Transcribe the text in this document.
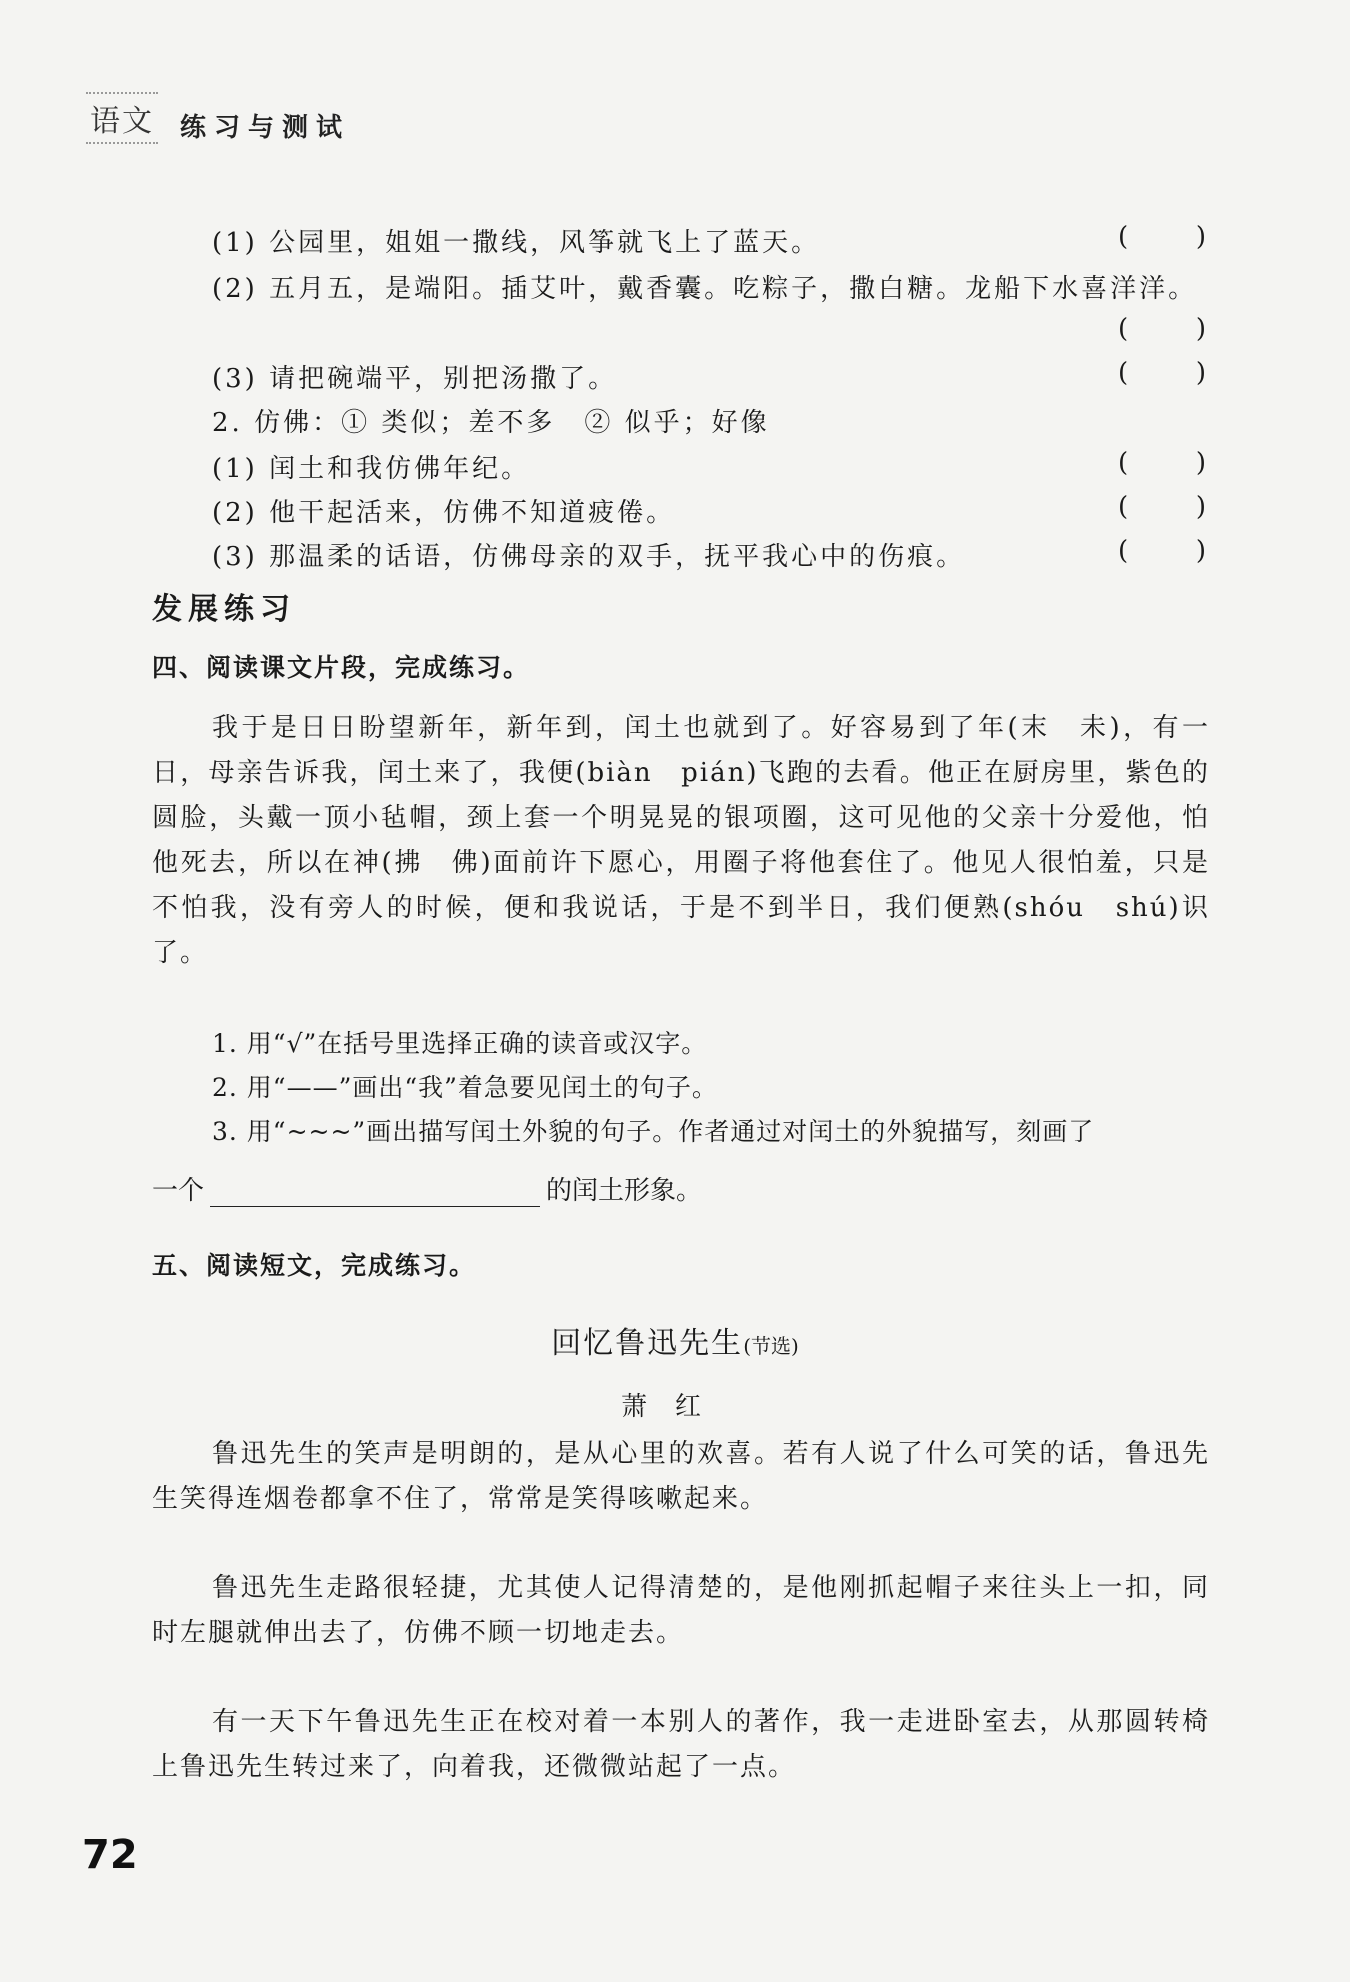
语文 练习与测试
(1) 公园里，姐姐一撒线，风筝就飞上了蓝天。	(	)
(2) 五月五，是端阳。插艾叶，戴香囊。吃粽子，撒白糖。龙船下水喜洋洋。
(	)
(3) 请把碗端平，别把汤撒了。	(	)
2. 仿佛：① 类似；差不多　② 似乎；好像
(1) 闰土和我仿佛年纪。	(	)
(2) 他干起活来，仿佛不知道疲倦。	(	)
(3) 那温柔的话语，仿佛母亲的双手，抚平我心中的伤痕。	(	)
发展练习
四、阅读课文片段，完成练习。

我于是日日盼望新年，新年到，闰土也就到了。好容易到了年(末　未)，有一日，母亲告诉我，闰土来了，我便(biàn　pián)飞跑的去看。他正在厨房里，紫色的圆脸，头戴一顶小毡帽，颈上套一个明晃晃的银项圈，这可见他的父亲十分爱他，怕他死去，所以在神(拂　佛)面前许下愿心，用圈子将他套住了。他见人很怕羞，只是不怕我，没有旁人的时候，便和我说话，于是不到半日，我们便熟(shóu　shú)识了。

1. 用“√”在括号里选择正确的读音或汉字。
2. 用“——”画出“我”着急要见闰土的句子。
3. 用“~~~”画出描写闰土外貌的句子。作者通过对闰土的外貌描写，刻画了
一个	的闰土形象。
五、阅读短文，完成练习。
回忆鲁迅先生(节选)
萧红

鲁迅先生的笑声是明朗的，是从心里的欢喜。若有人说了什么可笑的话，鲁迅先生笑得连烟卷都拿不住了，常常是笑得咳嗽起来。

鲁迅先生走路很轻捷，尤其使人记得清楚的，是他刚抓起帽子来往头上一扣，同时左腿就伸出去了，仿佛不顾一切地走去。

有一天下午鲁迅先生正在校对着一本别人的著作，我一走进卧室去，从那圆转椅上鲁迅先生转过来了，向着我，还微微站起了一点。

72
